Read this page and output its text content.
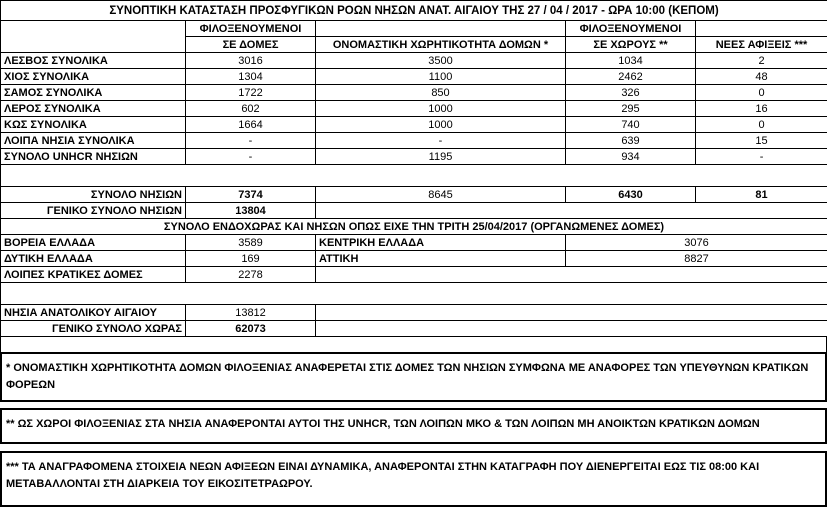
ΣΥΝΟΠΤΙΚΗ ΚΑΤΑΣΤΑΣΗ ΠΡΟΣΦΥΓΙΚΩΝ ΡΟΩΝ ΝΗΣΩΝ ΑΝΑΤ. ΑΙΓΑΙΟΥ ΤΗΣ 27 / 04 / 2017 - ΩΡΑ 10:00 (ΚΕΠΟΜ)				
	ΦΙΛΟΞΕΝΟΥΜΕΝΟΙ		ΦΙΛΟΞΕΝΟΥΜΕΝΟΙ	
	ΣΕ ΔΟΜΕΣ	ΟΝΟΜΑΣΤΙΚΗ ΧΩΡΗΤΙΚΟΤΗΤΑ ΔΟΜΩΝ *	ΣΕ ΧΩΡΟΥΣ **	ΝΕΕΣ ΑΦΙΞΕΙΣ ***
ΛΕΣΒΟΣ ΣΥΝΟΛΙΚΑ	3016	3500	1034	2
ΧΙΟΣ ΣΥΝΟΛΙΚΑ	1304	1100	2462	48
ΣΑΜΟΣ ΣΥΝΟΛΙΚΑ	1722	850	326	0
ΛΕΡΟΣ ΣΥΝΟΛΙΚΑ	602	1000	295	16
ΚΩΣ ΣΥΝΟΛΙΚΑ	1664	1000	740	0
ΛΟΙΠΑ ΝΗΣΙΑ ΣΥΝΟΛΙΚΑ	-	-	639	15
ΣΥΝΟΛΟ UNHCR ΝΗΣΙΩΝ	-	1195	934	-

ΣΥΝΟΛΟ ΝΗΣΙΩΝ	7374	8645	6430	81
ΓΕΝΙΚΟ ΣΥΝΟΛΟ ΝΗΣΙΩΝ	13804			
ΣΥΝΟΛΟ ΕΝΔΟΧΩΡΑΣ ΚΑΙ ΝΗΣΩΝ ΟΠΩΣ ΕΙΧΕ ΤΗΝ ΤΡΙΤΗ 25/04/2017 (ΟΡΓΑΝΩΜΕΝΕΣ ΔΟΜΕΣ)				
ΒΟΡΕΙΑ ΕΛΛΑΔΑ	3589	ΚΕΝΤΡΙΚΗ ΕΛΛΑΔΑ	3076	
ΔΥΤΙΚΗ ΕΛΛΑΔΑ	169	ΑΤΤΙΚΗ	8827	
ΛΟΙΠΕΣ ΚΡΑΤΙΚΕΣ ΔΟΜΕΣ	2278			

ΝΗΣΙΑ ΑΝΑΤΟΛΙΚΟΥ ΑΙΓΑΙΟΥ	13812			
ΓΕΝΙΚΟ ΣΥΝΟΛΟ ΧΩΡΑΣ	62073			
* ΟΝΟΜΑΣΤΙΚΗ ΧΩΡΗΤΙΚΟΤΗΤΑ ΔΟΜΩΝ ΦΙΛΟΞΕΝΙΑΣ ΑΝΑΦΕΡΕΤΑΙ ΣΤΙΣ ΔΟΜΕΣ ΤΩΝ ΝΗΣΙΩΝ ΣΥΜΦΩΝΑ ΜΕ ΑΝΑΦΟΡΕΣ ΤΩΝ ΥΠΕΥΘΥΝΩΝ ΚΡΑΤΙΚΩΝ ΦΟΡΕΩΝ
** ΩΣ ΧΩΡΟΙ ΦΙΛΟΞΕΝΙΑΣ ΣΤΑ ΝΗΣΙΑ ΑΝΑΦΕΡΟΝΤΑΙ ΑΥΤΟΙ ΤΗΣ UNHCR, ΤΩΝ ΛΟΙΠΩΝ ΜΚΟ & ΤΩΝ ΛΟΙΠΩΝ ΜΗ ΑΝΟΙΚΤΩΝ ΚΡΑΤΙΚΩΝ ΔΟΜΩΝ
*** ΤΑ ΑΝΑΓΡΑΦΟΜΕΝΑ ΣΤΟΙΧΕΙΑ ΝΕΩΝ ΑΦΙΞΕΩΝ ΕΙΝΑΙ ΔΥΝΑΜΙΚΑ, ΑΝΑΦΕΡΟΝΤΑΙ ΣΤΗΝ ΚΑΤΑΓΡΑΦΗ ΠΟΥ ΔΙΕΝΕΡΓΕΙΤΑΙ ΕΩΣ ΤΙΣ 08:00 ΚΑΙ ΜΕΤΑΒΑΛΛΟΝΤΑΙ ΣΤΗ ΔΙΑΡΚΕΙΑ ΤΟΥ ΕΙΚΟΣΙΤΕΤΡΑΩΡΟΥ.
